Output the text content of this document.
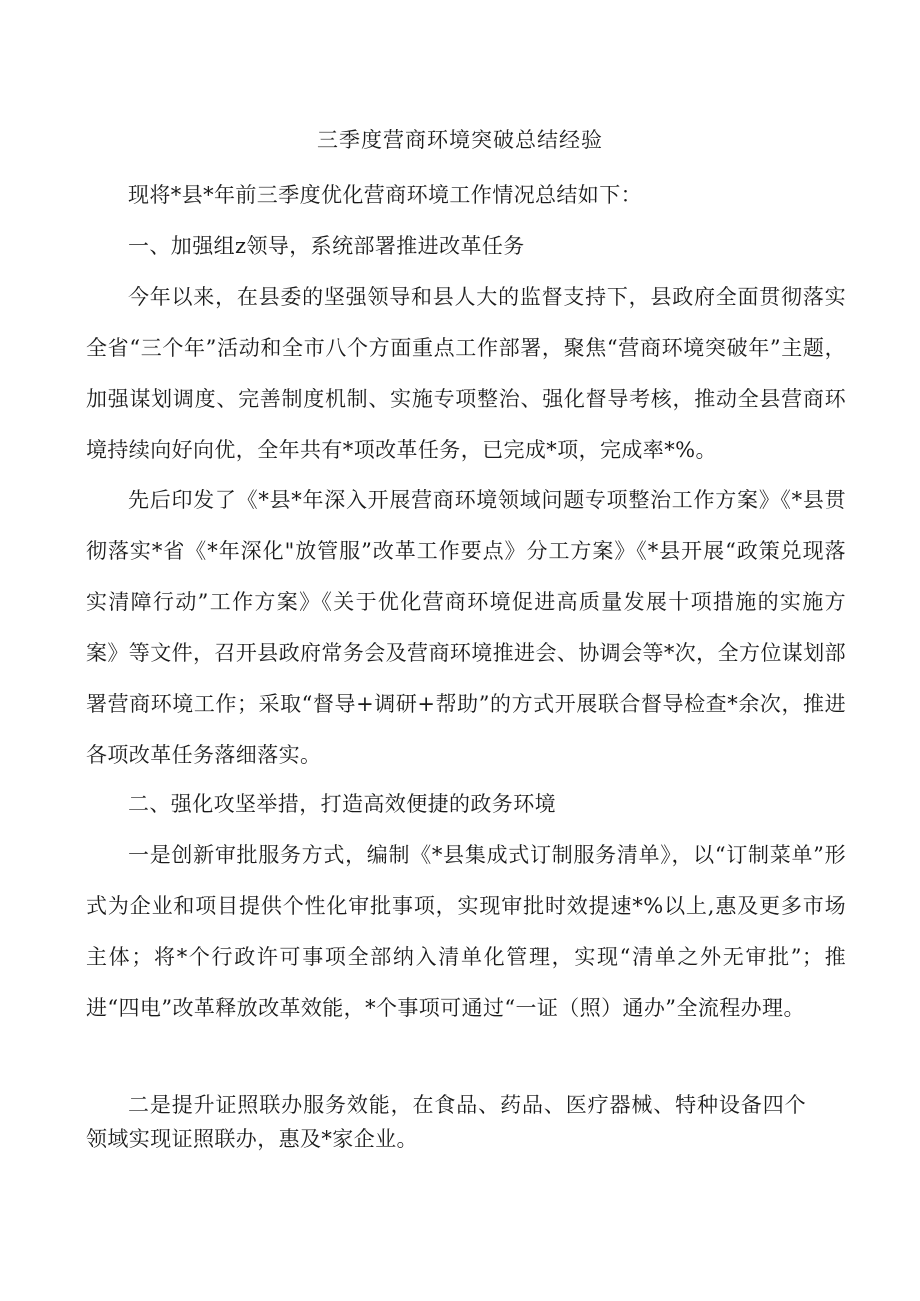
三季度营商环境突破总结经验

现将*县*年前三季度优化营商环境工作情况总结如下：

一、加强组z领导，系统部署推进改革任务

今年以来，在县委的坚强领导和县人大的监督支持下，县政府全面贯彻落实全省“三个年”活动和全市八个方面重点工作部署，聚焦“营商环境突破年”主题，加强谋划调度、完善制度机制、实施专项整治、强化督导考核，推动全县营商环境持续向好向优，全年共有*项改革任务，已完成*项，完成率*%。

先后印发了《*县*年深入开展营商环境领域问题专项整治工作方案》《*县贯彻落实*省《*年深化"放管服”改革工作要点》分工方案》《*县开展“政策兑现落实清障行动”工作方案》《关于优化营商环境促进高质量发展十项措施的实施方案》等文件，召开县政府常务会及营商环境推进会、协调会等*次，全方位谋划部署营商环境工作；采取“督导+调研+帮助”的方式开展联合督导检查*余次，推进各项改革任务落细落实。

二、强化攻坚举措，打造高效便捷的政务环境

一是创新审批服务方式，编制《*县集成式订制服务清单》，以“订制菜单”形式为企业和项目提供个性化审批事项，实现审批时效提速*%以上,惠及更多市场主体；将*个行政许可事项全部纳入清单化管理，实现“清单之外无审批”；推进“四电”改革释放改革效能，*个事项可通过“一证（照）通办”全流程办理。

二是提升证照联办服务效能，在食品、药品、医疗器械、特种设备四个领域实现证照联办，惠及*家企业。
